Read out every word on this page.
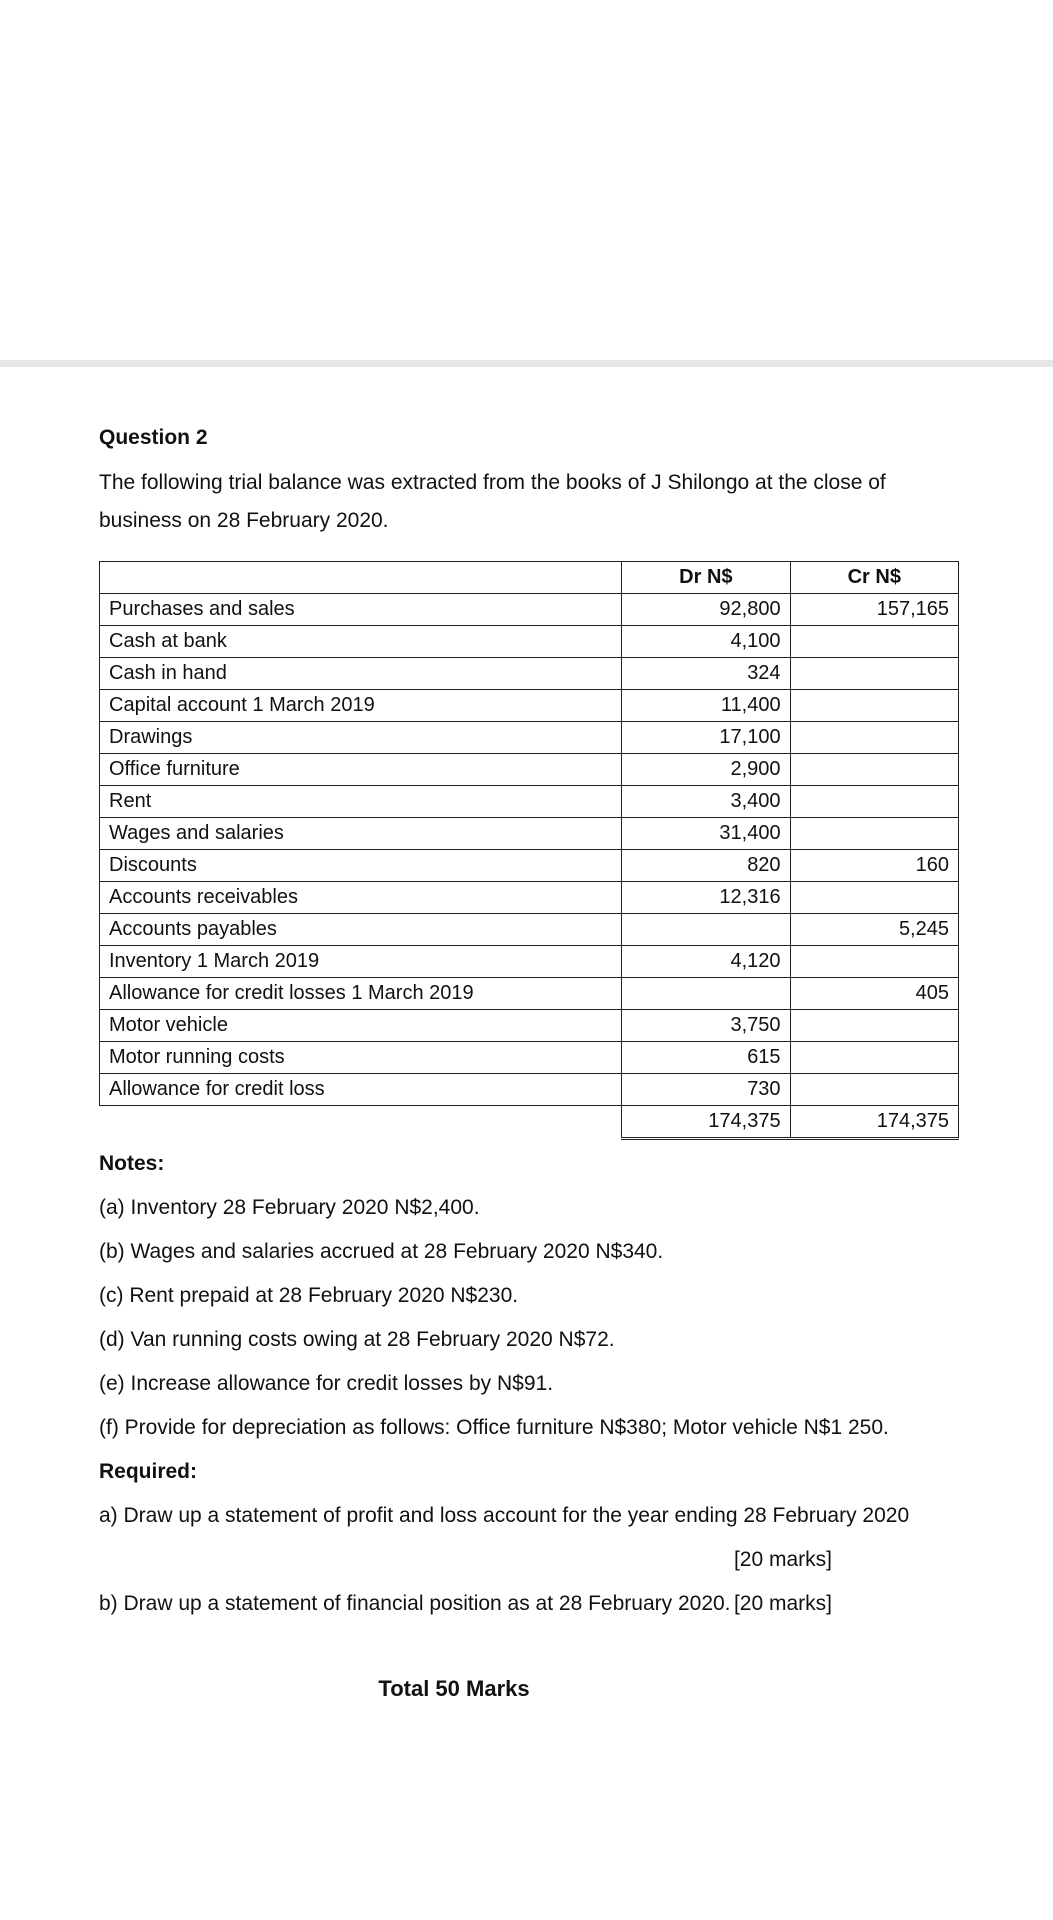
Question 2
The following trial balance was extracted from the books of J Shilongo at the close of business on 28 February 2020.
	Dr N$	Cr N$
Purchases and sales	92,800	157,165
Cash at bank	4,100	
Cash in hand	324	
Capital account 1 March 2019	11,400	
Drawings	17,100	
Office furniture	2,900	
Rent	3,400	
Wages and salaries	31,400	
Discounts	820	160
Accounts receivables	12,316	
Accounts payables		5,245
Inventory 1 March 2019	4,120	
Allowance for credit losses 1 March 2019		405
Motor vehicle	3,750	
Motor running costs	615	
Allowance for credit loss	730	
	174,375	174,375

Notes:

(a) Inventory 28 February 2020 N$2,400.

(b) Wages and salaries accrued at 28 February 2020 N$340.

(c) Rent prepaid at 28 February 2020 N$230.

(d) Van running costs owing at 28 February 2020 N$72.

(e) Increase allowance for credit losses by N$91.

(f) Provide for depreciation as follows: Office furniture N$380; Motor vehicle N$1 250.

Required:

a) Draw up a statement of profit and loss account for the year ending 28 February 2020

[20 marks]

b) Draw up a statement of financial position as at 28 February 2020. [20 marks]

Total 50 Marks
